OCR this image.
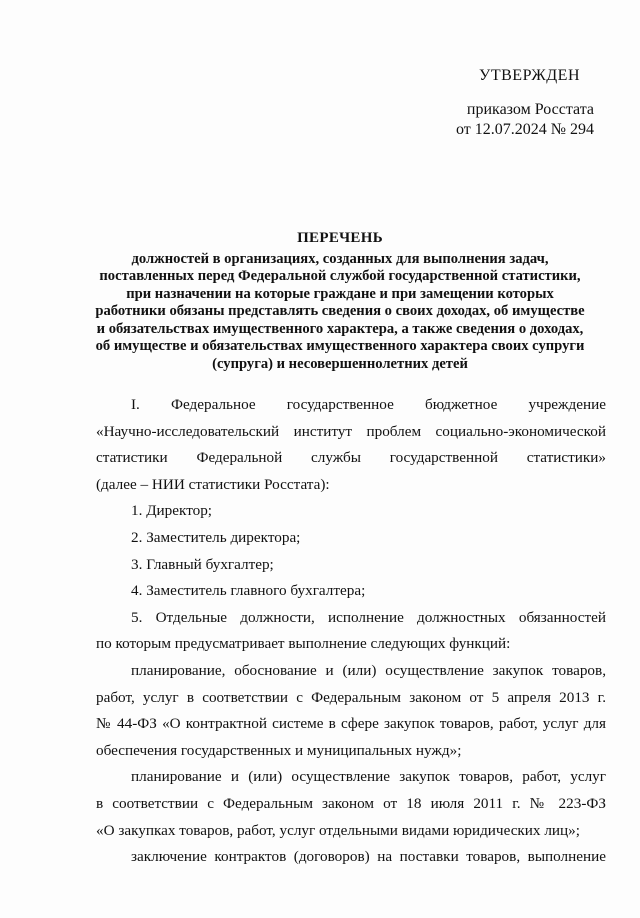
УТВЕРЖДЕН
приказом Росстата
от 12.07.2024 № 294
ПЕРЕЧЕНЬ
должностей в организациях, созданных для выполнения задач,
поставленных перед Федеральной службой государственной статистики,
при назначении на которые граждане и при замещении которых
работники обязаны представлять сведения о своих доходах, об имуществе
и обязательствах имущественного характера, а также сведения о доходах,
об имуществе и обязательствах имущественного характера своих супруги
(супруга) и несовершеннолетних детей
I. Федеральное государственное бюджетное учреждение
«Научно-исследовательский институт проблем социально-экономической
статистики Федеральной службы государственной статистики»
(далее – НИИ статистики Росстата):
1. Директор;
2. Заместитель директора;
3. Главный бухгалтер;
4. Заместитель главного бухгалтера;
5. Отдельные должности, исполнение должностных обязанностей
по которым предусматривает выполнение следующих функций:
планирование, обоснование и (или) осуществление закупок товаров,
работ, услуг в соответствии с Федеральным законом от 5 апреля 2013 г.
№ 44-ФЗ «О контрактной системе в сфере закупок товаров, работ, услуг для
обеспечения государственных и муниципальных нужд»;
планирование и (или) осуществление закупок товаров, работ, услуг
в соответствии с Федеральным законом от 18 июля 2011 г. № 223-ФЗ
«О закупках товаров, работ, услуг отдельными видами юридических лиц»;
заключение контрактов (договоров) на поставки товаров, выполнение
